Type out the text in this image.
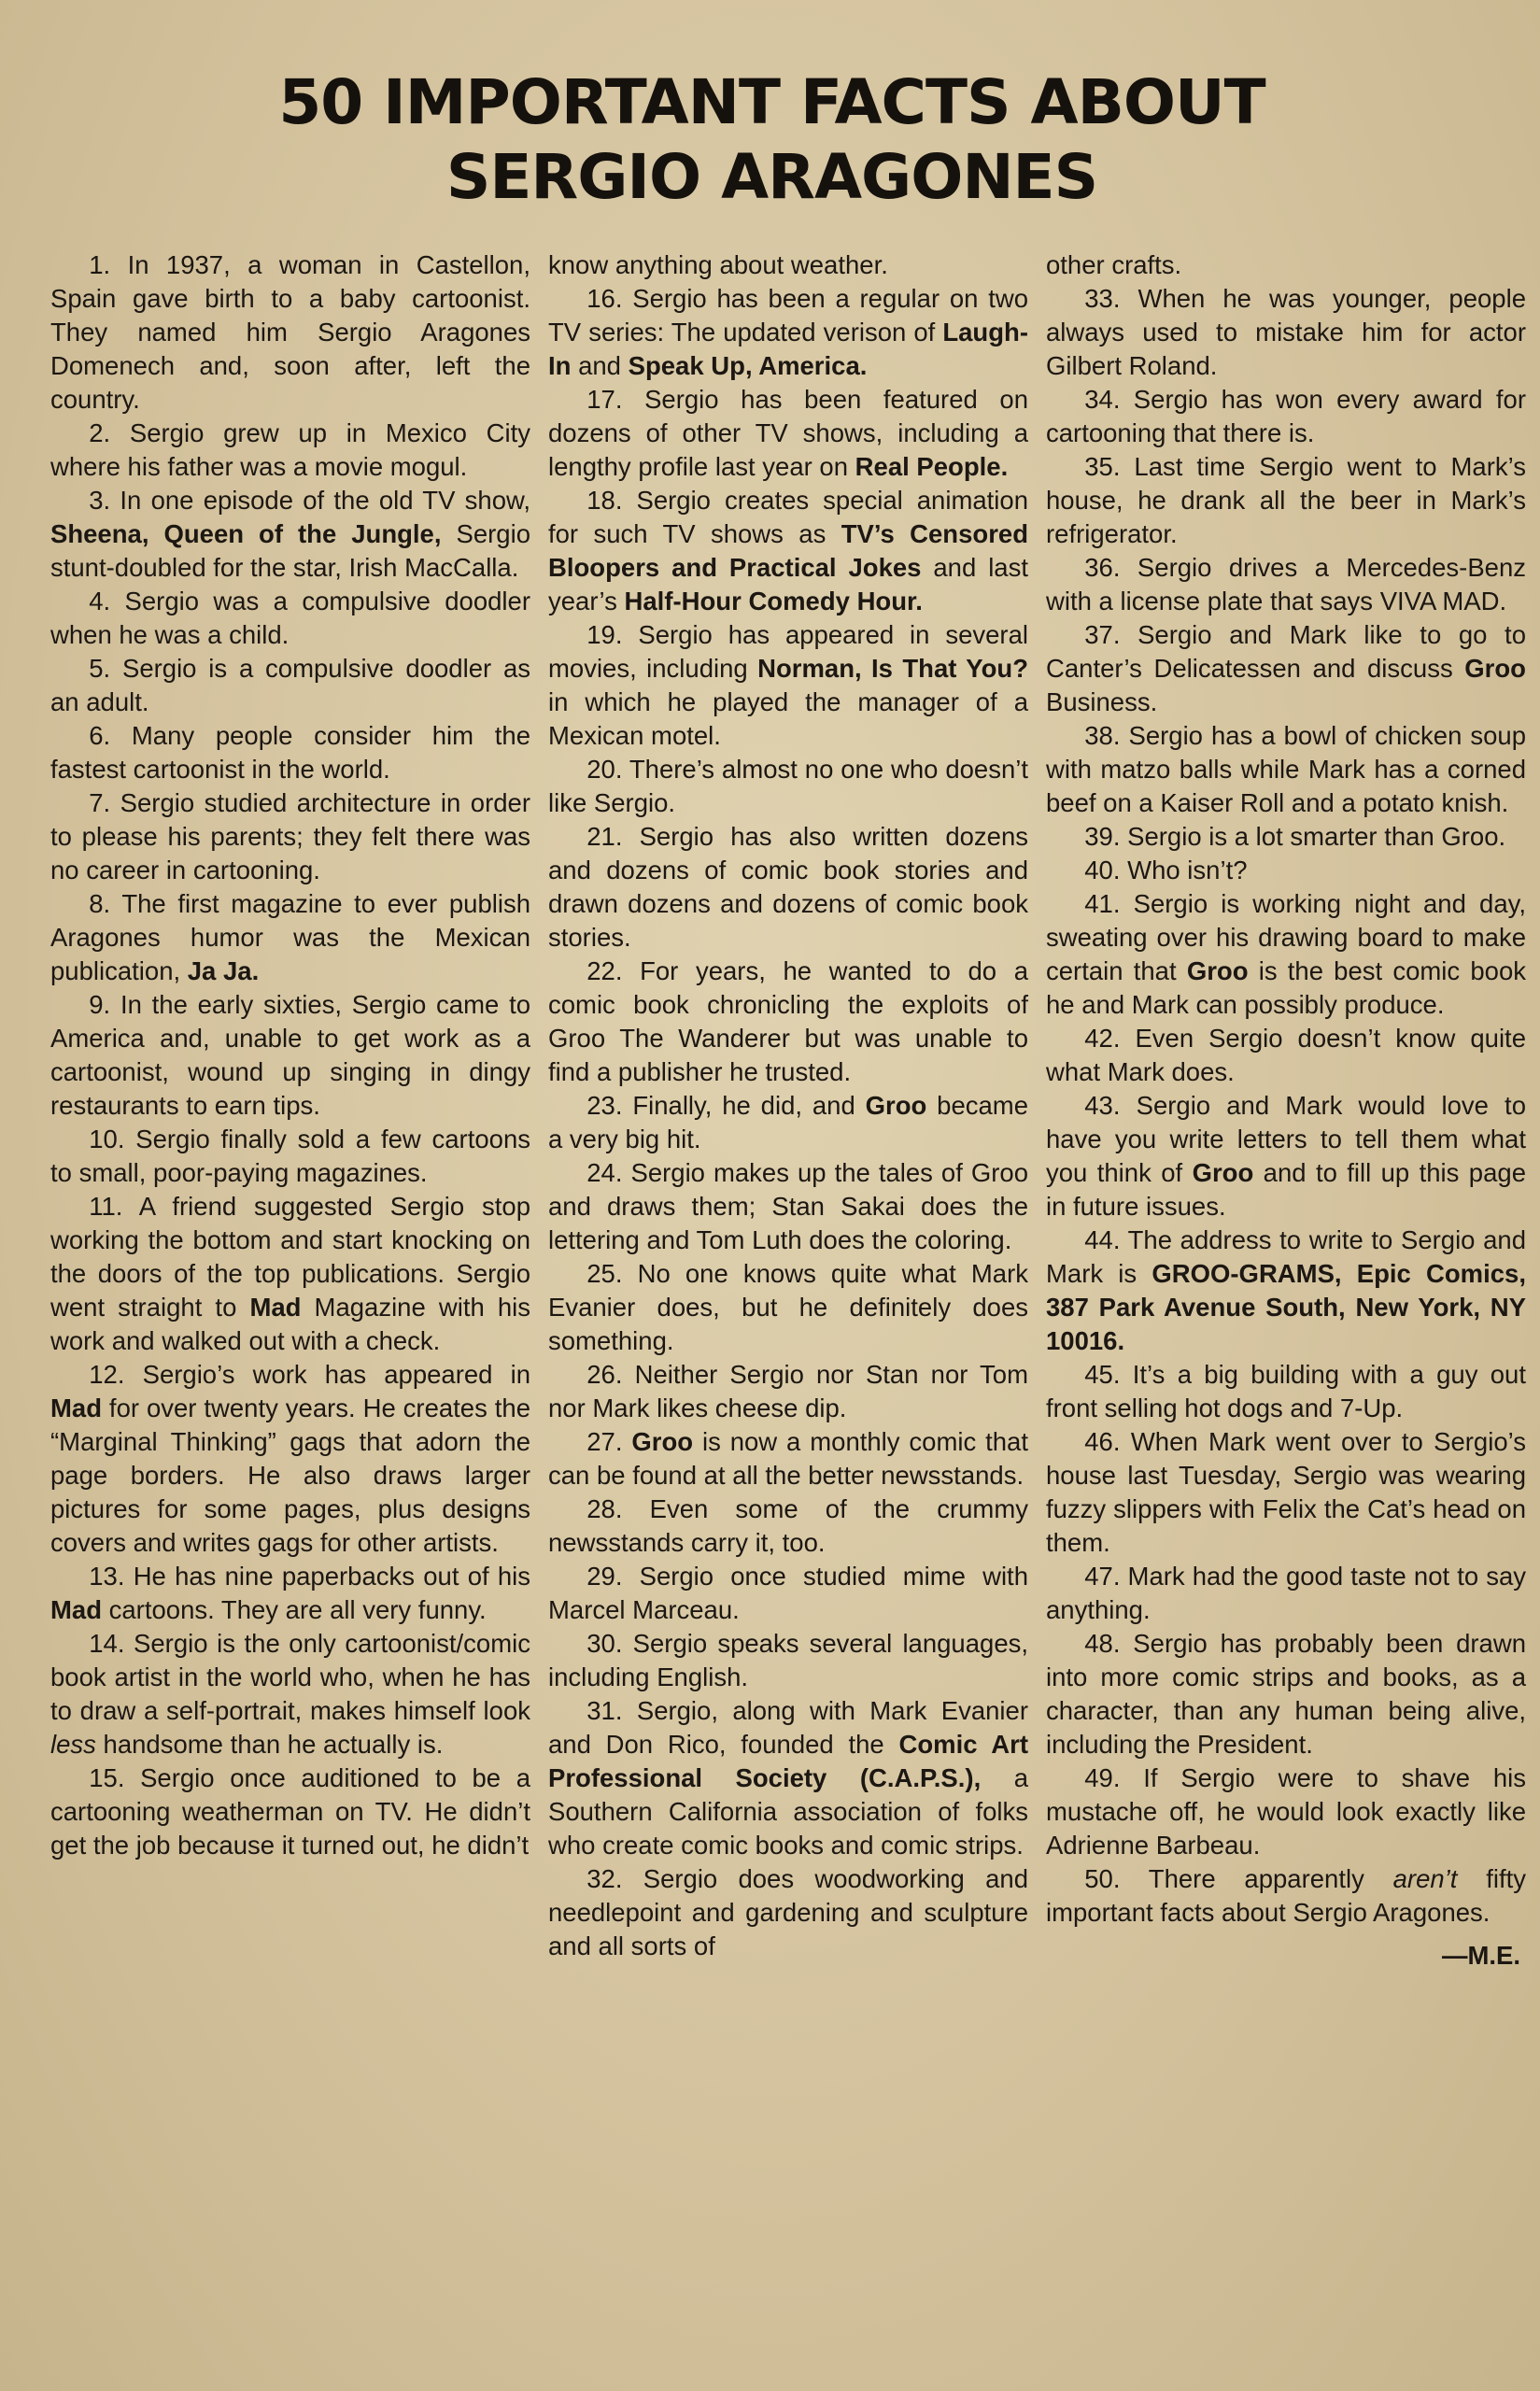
50 IMPORTANT FACTS ABOUT
SERGIO ARAGONES

1. In 1937, a woman in Castellon, Spain gave birth to a baby cartoonist. They named him Sergio Aragones Domenech and, soon after, left the country.

2. Sergio grew up in Mexico City where his father was a movie mogul.

3. In one episode of the old TV show, Sheena, Queen of the Jungle, Sergio stunt-doubled for the star, Irish MacCalla.

4. Sergio was a compulsive doodler when he was a child.

5. Sergio is a compulsive doodler as an adult.

6. Many people consider him the fastest cartoonist in the world.

7. Sergio studied architecture in order to please his parents; they felt there was no career in cartooning.

8. The first magazine to ever publish Aragones humor was the Mexican publication, Ja Ja.

9. In the early sixties, Sergio came to America and, unable to get work as a cartoonist, wound up singing in dingy restaurants to earn tips.

10. Sergio finally sold a few cartoons to small, poor-paying magazines.

11. A friend suggested Sergio stop working the bottom and start knocking on the doors of the top publications. Sergio went straight to Mad Magazine with his work and walked out with a check.

12. Sergio’s work has appeared in Mad for over twenty years. He creates the “Marginal Thinking” gags that adorn the page borders. He also draws larger pictures for some pages, plus designs covers and writes gags for other artists.

13. He has nine paperbacks out of his Mad cartoons. They are all very funny.

14. Sergio is the only cartoonist/comic book artist in the world who, when he has to draw a self-portrait, makes himself look less handsome than he actually is.

15. Sergio once auditioned to be a cartooning weatherman on TV. He didn’t get the job because it turned out, he didn’t

know anything about weather.

16. Sergio has been a regular on two TV series: The updated verison of Laugh-In and Speak Up, America.

17. Sergio has been featured on dozens of other TV shows, including a lengthy profile last year on Real People.

18. Sergio creates special animation for such TV shows as TV’s Censored Bloopers and Practical Jokes and last year’s Half-Hour Comedy Hour.

19. Sergio has appeared in several movies, including Norman, Is That You? in which he played the manager of a Mexican motel.

20. There’s almost no one who doesn’t like Sergio.

21. Sergio has also written dozens and dozens of comic book stories and drawn dozens and dozens of comic book stories.

22. For years, he wanted to do a comic book chronicling the exploits of Groo The Wanderer but was unable to find a publisher he trusted.

23. Finally, he did, and Groo became a very big hit.

24. Sergio makes up the tales of Groo and draws them; Stan Sakai does the lettering and Tom Luth does the coloring.

25. No one knows quite what Mark Evanier does, but he definitely does something.

26. Neither Sergio nor Stan nor Tom nor Mark likes cheese dip.

27. Groo is now a monthly comic that can be found at all the better newsstands.

28. Even some of the crummy newsstands carry it, too.

29. Sergio once studied mime with Marcel Marceau.

30. Sergio speaks several languages, including English.

31. Sergio, along with Mark Evanier and Don Rico, founded the Comic Art Professional Society (C.A.P.S.), a Southern California association of folks who create comic books and comic strips.

32. Sergio does woodworking and needlepoint and gardening and sculpture and all sorts of

other crafts.

33. When he was younger, people always used to mistake him for actor Gilbert Roland.

34. Sergio has won every award for cartooning that there is.

35. Last time Sergio went to Mark’s house, he drank all the beer in Mark’s refrigerator.

36. Sergio drives a Mercedes-Benz with a license plate that says VIVA MAD.

37. Sergio and Mark like to go to Canter’s Delicatessen and discuss Groo Business.

38. Sergio has a bowl of chicken soup with matzo balls while Mark has a corned beef on a Kaiser Roll and a potato knish.

39. Sergio is a lot smarter than Groo.

40. Who isn’t?

41. Sergio is working night and day, sweating over his drawing board to make certain that Groo is the best comic book he and Mark can possibly produce.

42. Even Sergio doesn’t know quite what Mark does.

43. Sergio and Mark would love to have you write letters to tell them what you think of Groo and to fill up this page in future issues.

44. The address to write to Sergio and Mark is GROO-GRAMS, Epic Comics, 387 Park Avenue South, New York, NY 10016.

45. It’s a big building with a guy out front selling hot dogs and 7-Up.

46. When Mark went over to Sergio’s house last Tuesday, Sergio was wearing fuzzy slippers with Felix the Cat’s head on them.

47. Mark had the good taste not to say anything.

48. Sergio has probably been drawn into more comic strips and books, as a character, than any human being alive, including the President.

49. If Sergio were to shave his mustache off, he would look exactly like Adrienne Barbeau.

50. There apparently aren’t fifty important facts about Sergio Aragones.

—M.E.
